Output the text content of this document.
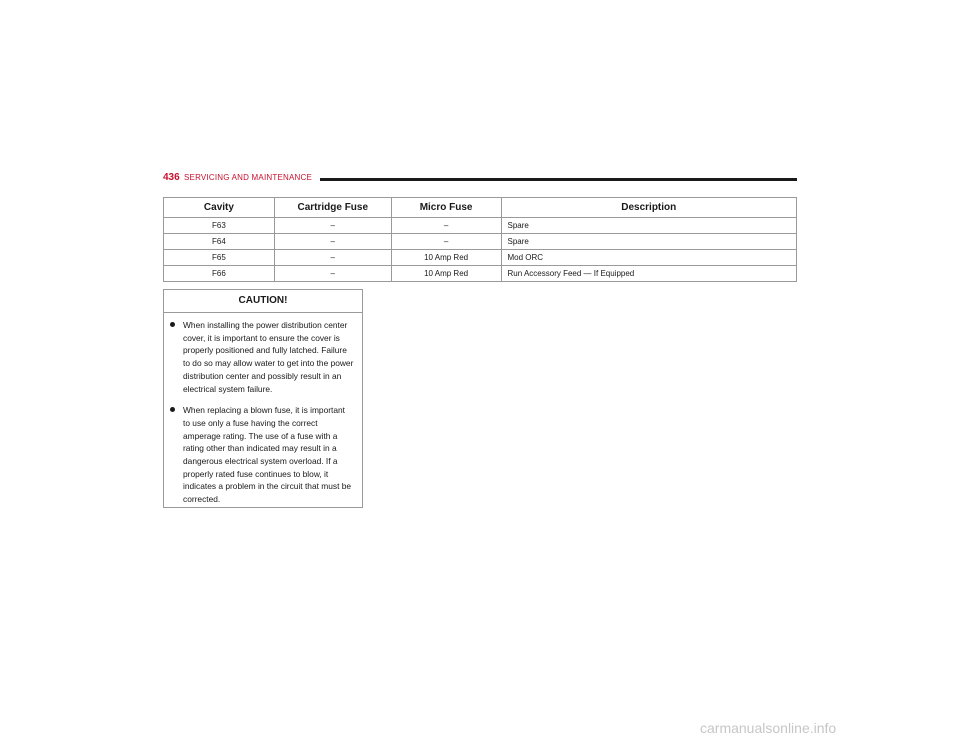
436 SERVICING AND MAINTENANCE
Cavity	Cartridge Fuse	Micro Fuse	Description
F63	–	–	Spare
F64	–	–	Spare
F65	–	10 Amp Red	Mod ORC
F66	–	10 Amp Red	Run Accessory Feed — If Equipped
CAUTION!
When installing the power distribution center cover, it is important to ensure the cover is properly positioned and fully latched. Failure to do so may allow water to get into the power distribution center and possibly result in an electrical system failure.
When replacing a blown fuse, it is important to use only a fuse having the correct amperage rating. The use of a fuse with a rating other than indicated may result in a dangerous electrical system overload. If a properly rated fuse continues to blow, it indicates a problem in the circuit that must be corrected.
carmanualsonline.info
